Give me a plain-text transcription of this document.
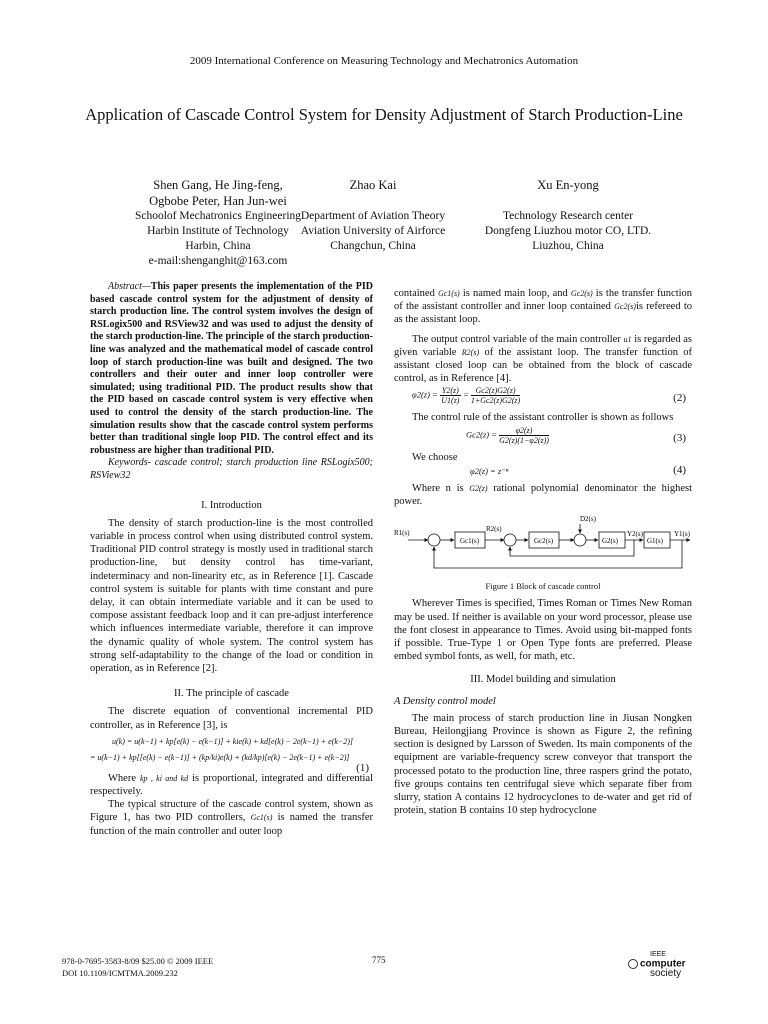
2009 International Conference on Measuring Technology and Mechatronics Automation
Application of Cascade Control System for Density Adjustment of Starch Production-Line
Shen Gang, He Jing-feng,
Ogbobe Peter, Han Jun-wei
Schoolof Mechatronics Engineering
Harbin Institute of Technology
Harbin, China
e-mail:shenganghit@163.com
Zhao Kai

Department of Aviation Theory
Aviation University of Airforce
Changchun, China
Xu En-yong

Technology Research center
Dongfeng Liuzhou motor CO, LTD.
Liuzhou, China

Abstract—This paper presents the implementation of the PID based cascade control system for the adjustment of density of starch production line. The control system involves the design of RSLogix500 and RSView32 and was used to adjust the density of the starch production-line. The principle of the starch production-line was analyzed and the mathematical model of cascade control loop of starch production-line was built and designed. The two controllers and their outer and inner loop controller were simulated; using traditional PID. The product results show that the PID based on cascade control system is very effective when used to control the density of the starch production-line. The simulation results show that the cascade control system performs better than traditional single loop PID. The control effect and its robustness are higher than traditional PID.

Keywords- cascade control; starch production line RSLogix500; RSView32

I. Introduction

The density of starch production-line is the most controlled variable in process control when using distributed control system. Traditional PID control strategy is mostly used in traditional starch production-line, but density control has time-variant, indeterminacy and non-linearity etc, as in Reference [1]. Cascade control system is suitable for plants with time constant and pure delay, it can obtain intermediate variable and it can be used to compose assistant feedback loop and it can pre-adjust interference which influences intermediate variable, therefore it can improve the dynamic quality of whole system. The control system has strong self-adaptability to the change of the load or condition in operation, as in Reference [2].

II. The principle of cascade

The discrete equation of conventional incremental PID controller, as in Reference [3], is

u(k) = u(k−1) + kp[e(k) − e(k−1)] + kie(k) + kd[e(k) − 2e(k−1) + e(k−2)]
= u(k−1) + kp[[e(k) − e(k−1)] + (kp/ki)e(k) + (kd/kp)[e(k) − 2e(k−1) + e(k−2)]
(1)

Where kp , ki and kd is proportional, integrated and differential respectively.

The typical structure of the cascade control system, shown as Figure 1, has two PID controllers, Gc1(s) is named the transfer function of the main controller and outer loop

contained Gc1(s) is named main loop, and Gc2(s) is the transfer function of the assistant controller and inner loop contained Gc2(s)is refereed to as the assistant loop.

The output control variable of the main controller u1 is regarded as given variable R2(s) of the assistant loop. The transfer function of assistant closed loop can be obtained from the block of cascade control, as in Reference [4].

$\varphi 2(z) = \frac{Y2(z)}{U1(z)} = \frac{Gc2(z)G2(z)}{1+Gc2(z)G2(z)}$	(2)

The control rule of the assistant controller is shown as follows

$Gc2(z) = \frac{\varphi 2(z)}{G2(z)(1-\varphi 2(z))}$	(3)

We choose

φ2(z) = z⁻ⁿ	(4)

Where n is G2(z) rational polynomial denominator the highest power.

R1(s)
Gc1(s)
R2(s)
Gc2(s)
D2(s)
G2(s)
Y2(s)
G1(s)
Y1(s)

Figure 1 Block of cascade control

Wherever Times is specified, Times Roman or Times New Roman may be used. If neither is available on your word processor, please use the font closest in appearance to Times. Avoid using bit-mapped fonts if possible. True-Type 1 or Open Type fonts are preferred. Please embed symbol fonts, as well, for math, etc.

III. Model building and simulation

A Density control model

The main process of starch production line in Jiusan Nongken Bureau, Heilongjiang Province is shown as Figure 2, the refining section is designed by Larsson of Sweden. Its main components of the equipment are variable-frequency screw conveyor that transport the processed potato to the production line, three raspers grind the potato, five groups contains ten centrifugal sieve which separate fiber from slurry, station A contains 12 hydrocyclones to de-water and get rid of protein, station B contains 10 step hydrocyclone

978-0-7695-3583-8/09 $25.00 © 2009 IEEE
DOI 10.1109/ICMTMA.2009.232
775
IEEE
computer
society
